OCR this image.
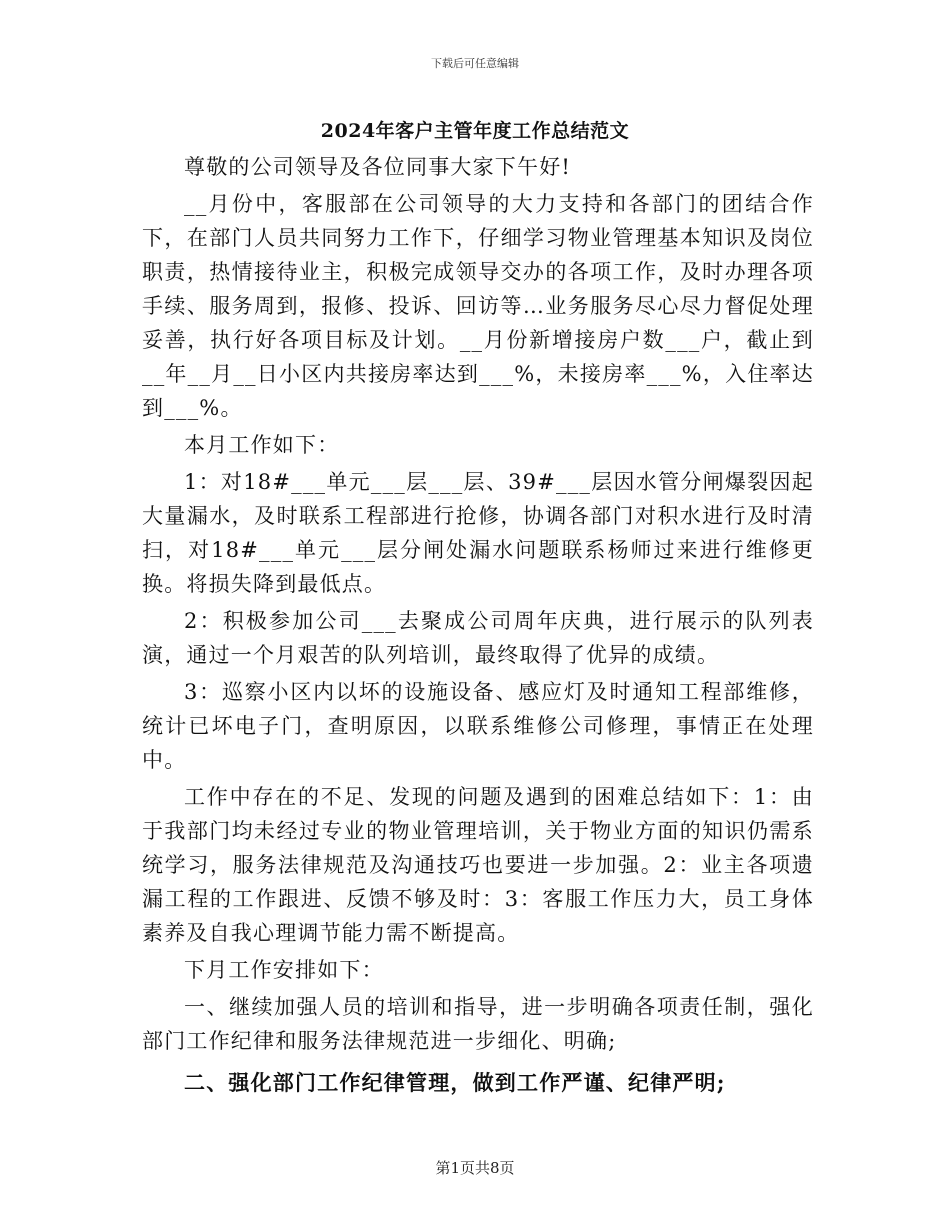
下载后可任意编辑
2024年客户主管年度工作总结范文

尊敬的公司领导及各位同事大家下午好!

__月份中，客服部在公司领导的大力支持和各部门的团结合作下，在部门人员共同努力工作下，仔细学习物业管理基本知识及岗位职责，热情接待业主，积极完成领导交办的各项工作，及时办理各项手续、服务周到，报修、投诉、回访等…业务服务尽心尽力督促处理妥善，执行好各项目标及计划。__月份新增接房户数___户，截止到__年__月__日小区内共接房率达到___%，未接房率___%，入住率达到___%。

本月工作如下：

1：对18#___单元___层___层、39#___层因水管分闸爆裂因起大量漏水，及时联系工程部进行抢修，协调各部门对积水进行及时清扫，对18#___单元___层分闸处漏水问题联系杨师过来进行维修更换。将损失降到最低点。

2：积极参加公司___去聚成公司周年庆典，进行展示的队列表演，通过一个月艰苦的队列培训，最终取得了优异的成绩。

3：巡察小区内以坏的设施设备、感应灯及时通知工程部维修，统计已坏电子门，查明原因，以联系维修公司修理，事情正在处理中。

工作中存在的不足、发现的问题及遇到的困难总结如下：1：由于我部门均未经过专业的物业管理培训，关于物业方面的知识仍需系统学习，服务法律规范及沟通技巧也要进一步加强。2：业主各项遗漏工程的工作跟进、反馈不够及时：3：客服工作压力大，员工身体素养及自我心理调节能力需不断提高。

下月工作安排如下：

一、继续加强人员的培训和指导，进一步明确各项责任制，强化部门工作纪律和服务法律规范进一步细化、明确;

二、强化部门工作纪律管理，做到工作严谨、纪律严明;

第1页共8页
